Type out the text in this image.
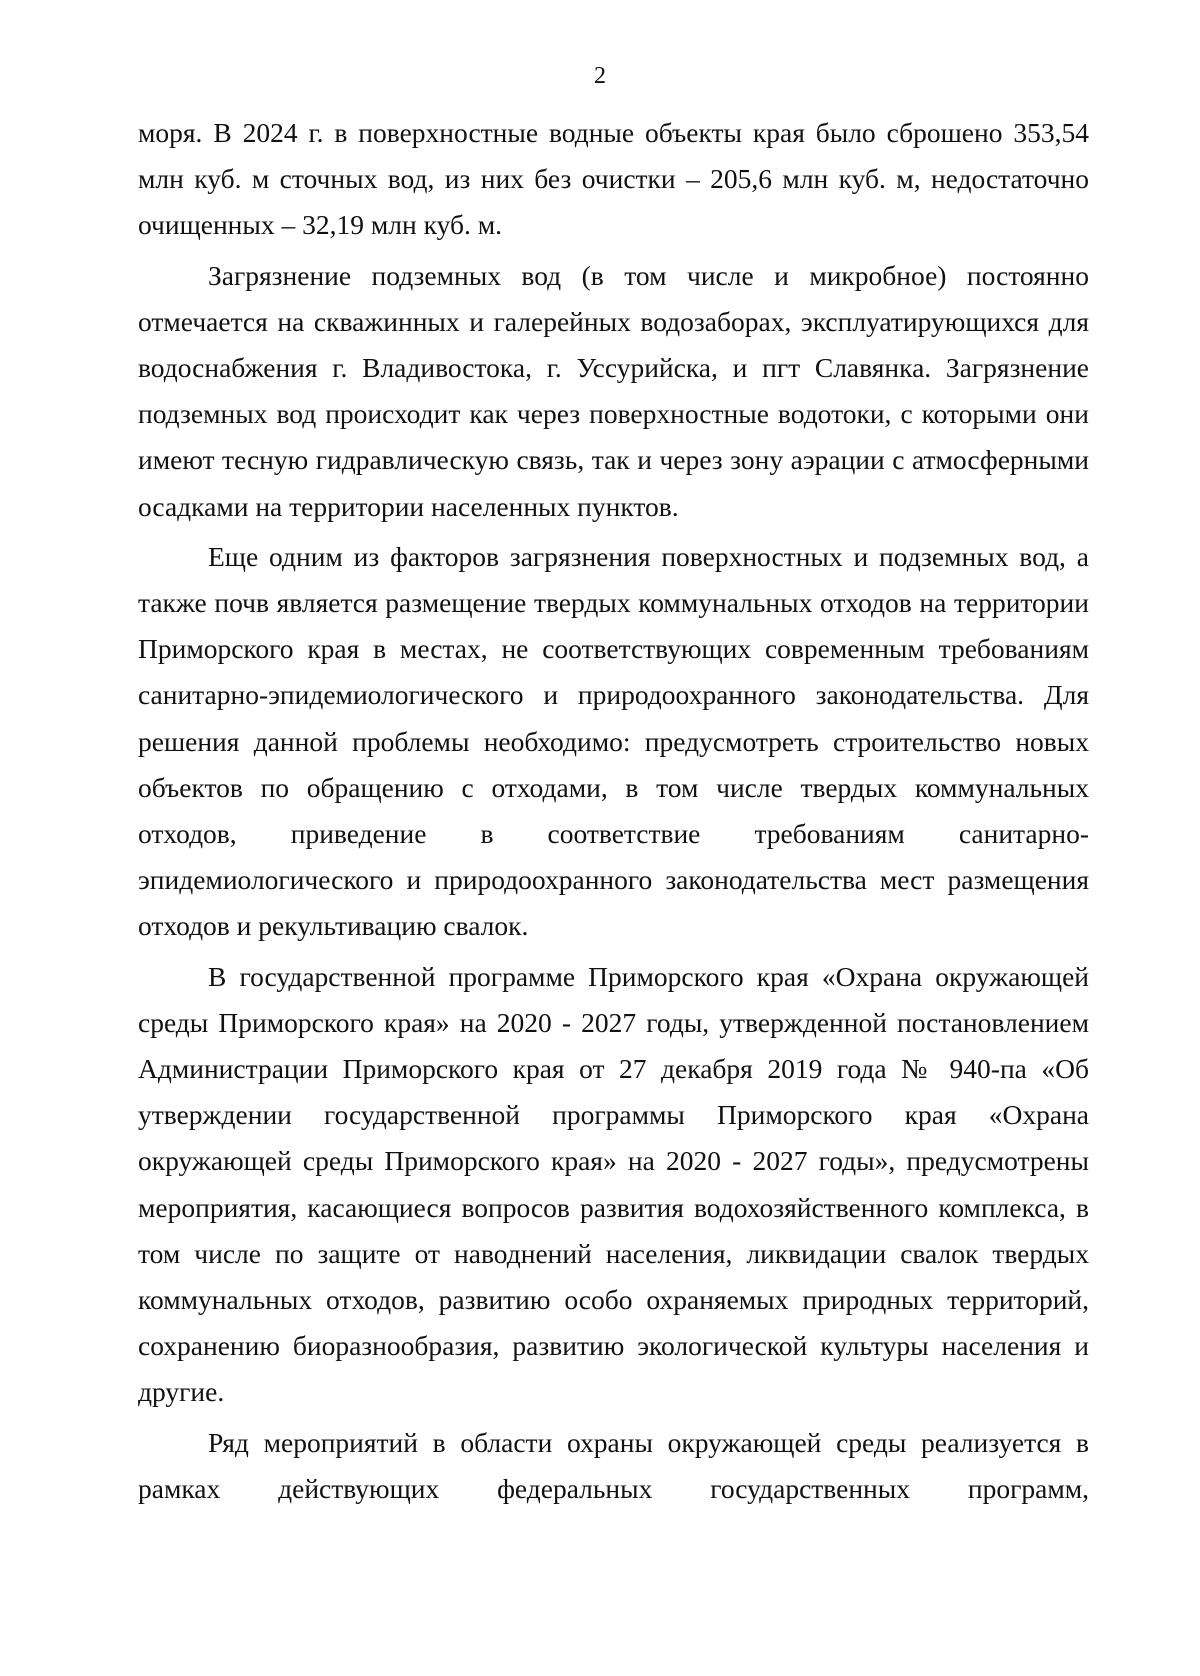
2

моря. В 2024 г. в поверхностные водные объекты края было сброшено 353,54 млн куб. м сточных вод, из них без очистки – 205,6 млн куб. м, недостаточно очищенных – 32,19 млн куб. м.

Загрязнение подземных вод (в том числе и микробное) постоянно отмечается на скважинных и галерейных водозаборах, эксплуатирующихся для водоснабжения г. Владивостока, г. Уссурийска, и пгт Славянка. Загрязнение подземных вод происходит как через поверхностные водотоки, с которыми они имеют тесную гидравлическую связь, так и через зону аэрации с атмосферными осадками на территории населенных пунктов.

Еще одним из факторов загрязнения поверхностных и подземных вод, а также почв является размещение твердых коммунальных отходов на территории Приморского края в местах, не соответствующих современным требованиям санитарно-эпидемиологического и природоохранного законодательства. Для решения данной проблемы необходимо: предусмотреть строительство новых объектов по обращению с отходами, в том числе твердых коммунальных отходов, приведение в соответствие требованиям санитарно-эпидемиологического и природоохранного законодательства мест размещения отходов и рекультивацию свалок.

В государственной программе Приморского края «Охрана окружающей среды Приморского края» на 2020 - 2027 годы, утвержденной постановлением Администрации Приморского края от 27 декабря 2019 года № 940-па «Об утверждении государственной программы Приморского края «Охрана окружающей среды Приморского края» на 2020 - 2027 годы», предусмотрены мероприятия, касающиеся вопросов развития водохозяйственного комплекса, в том числе по защите от наводнений населения, ликвидации свалок твердых коммунальных отходов, развитию особо охраняемых природных территорий, сохранению биоразнообразия, развитию экологической культуры населения и другие.

Ряд мероприятий в области охраны окружающей среды реализуется в рамках действующих федеральных государственных программ,
